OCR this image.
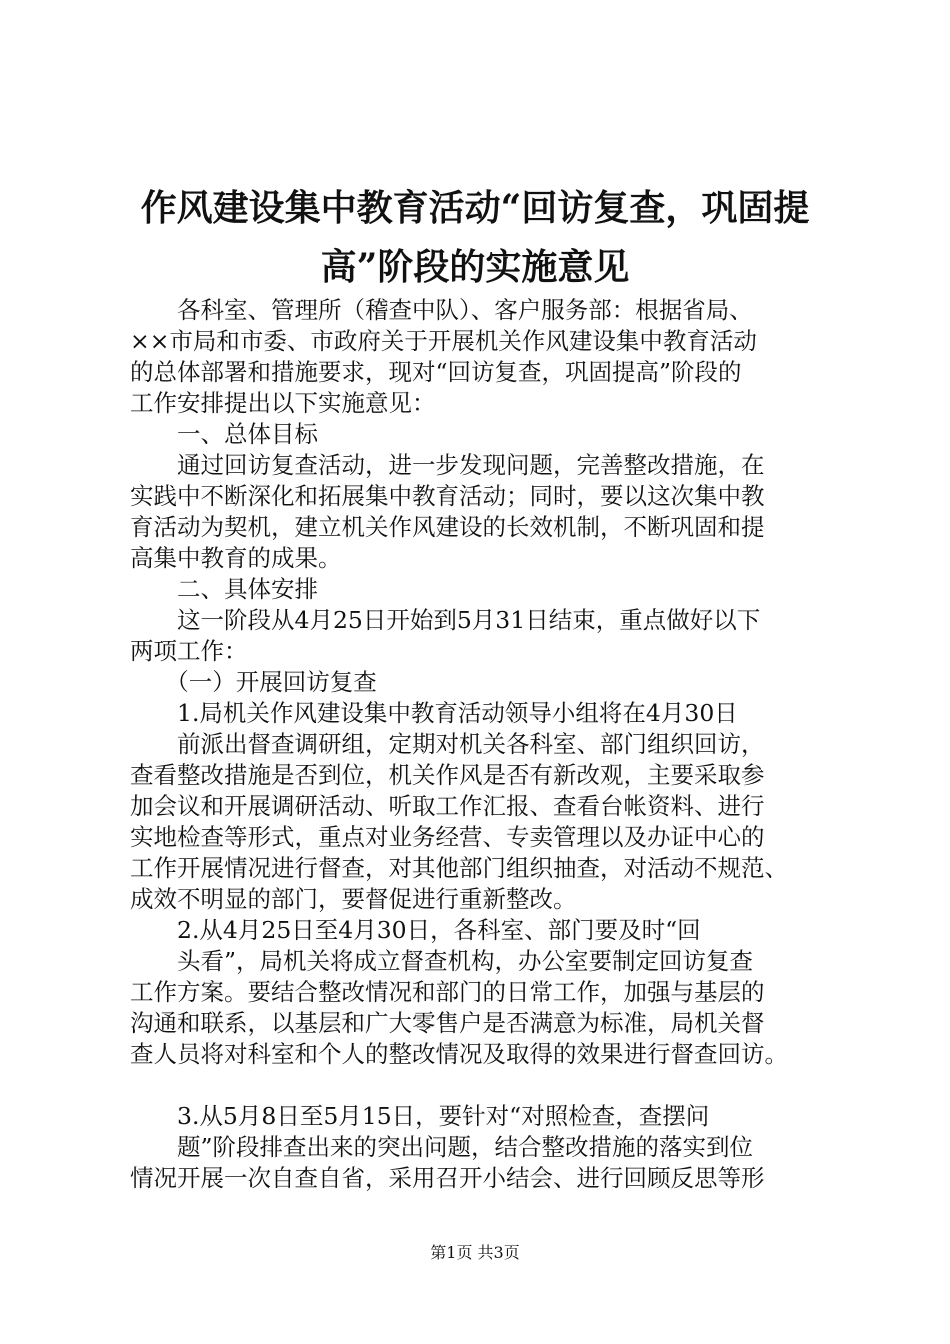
作风建设集中教育活动“回访复查，巩固提
高”阶段的实施意见
　　各科室、管理所（稽查中队）、客户服务部：根据省局、
××市局和市委、市政府关于开展机关作风建设集中教育活动
的总体部署和措施要求，现对“回访复查，巩固提高”阶段的
工作安排提出以下实施意见：
　　一、总体目标
　　通过回访复查活动，进一步发现问题，完善整改措施，在
实践中不断深化和拓展集中教育活动；同时，要以这次集中教
育活动为契机，建立机关作风建设的长效机制，不断巩固和提
高集中教育的成果。
　　二、具体安排
　　这一阶段从4月25日开始到5月31日结束，重点做好以下
两项工作：
　　（一）开展回访复查
　　1.局机关作风建设集中教育活动领导小组将在4月30日
　　前派出督查调研组，定期对机关各科室、部门组织回访，
查看整改措施是否到位，机关作风是否有新改观，主要采取参
加会议和开展调研活动、听取工作汇报、查看台帐资料、进行
实地检查等形式，重点对业务经营、专卖管理以及办证中心的
工作开展情况进行督查，对其他部门组织抽查，对活动不规范、
成效不明显的部门，要督促进行重新整改。
　　2.从4月25日至4月30日，各科室、部门要及时“回
　　头看”，局机关将成立督查机构，办公室要制定回访复查
工作方案。要结合整改情况和部门的日常工作，加强与基层的
沟通和联系，以基层和广大零售户是否满意为标准，局机关督
查人员将对科室和个人的整改情况及取得的效果进行督查回访。
　　3.从5月8日至5月15日，要针对“对照检查，查摆问
　　题”阶段排查出来的突出问题，结合整改措施的落实到位
情况开展一次自查自省，采用召开小结会、进行回顾反思等形
第1页 共3页
